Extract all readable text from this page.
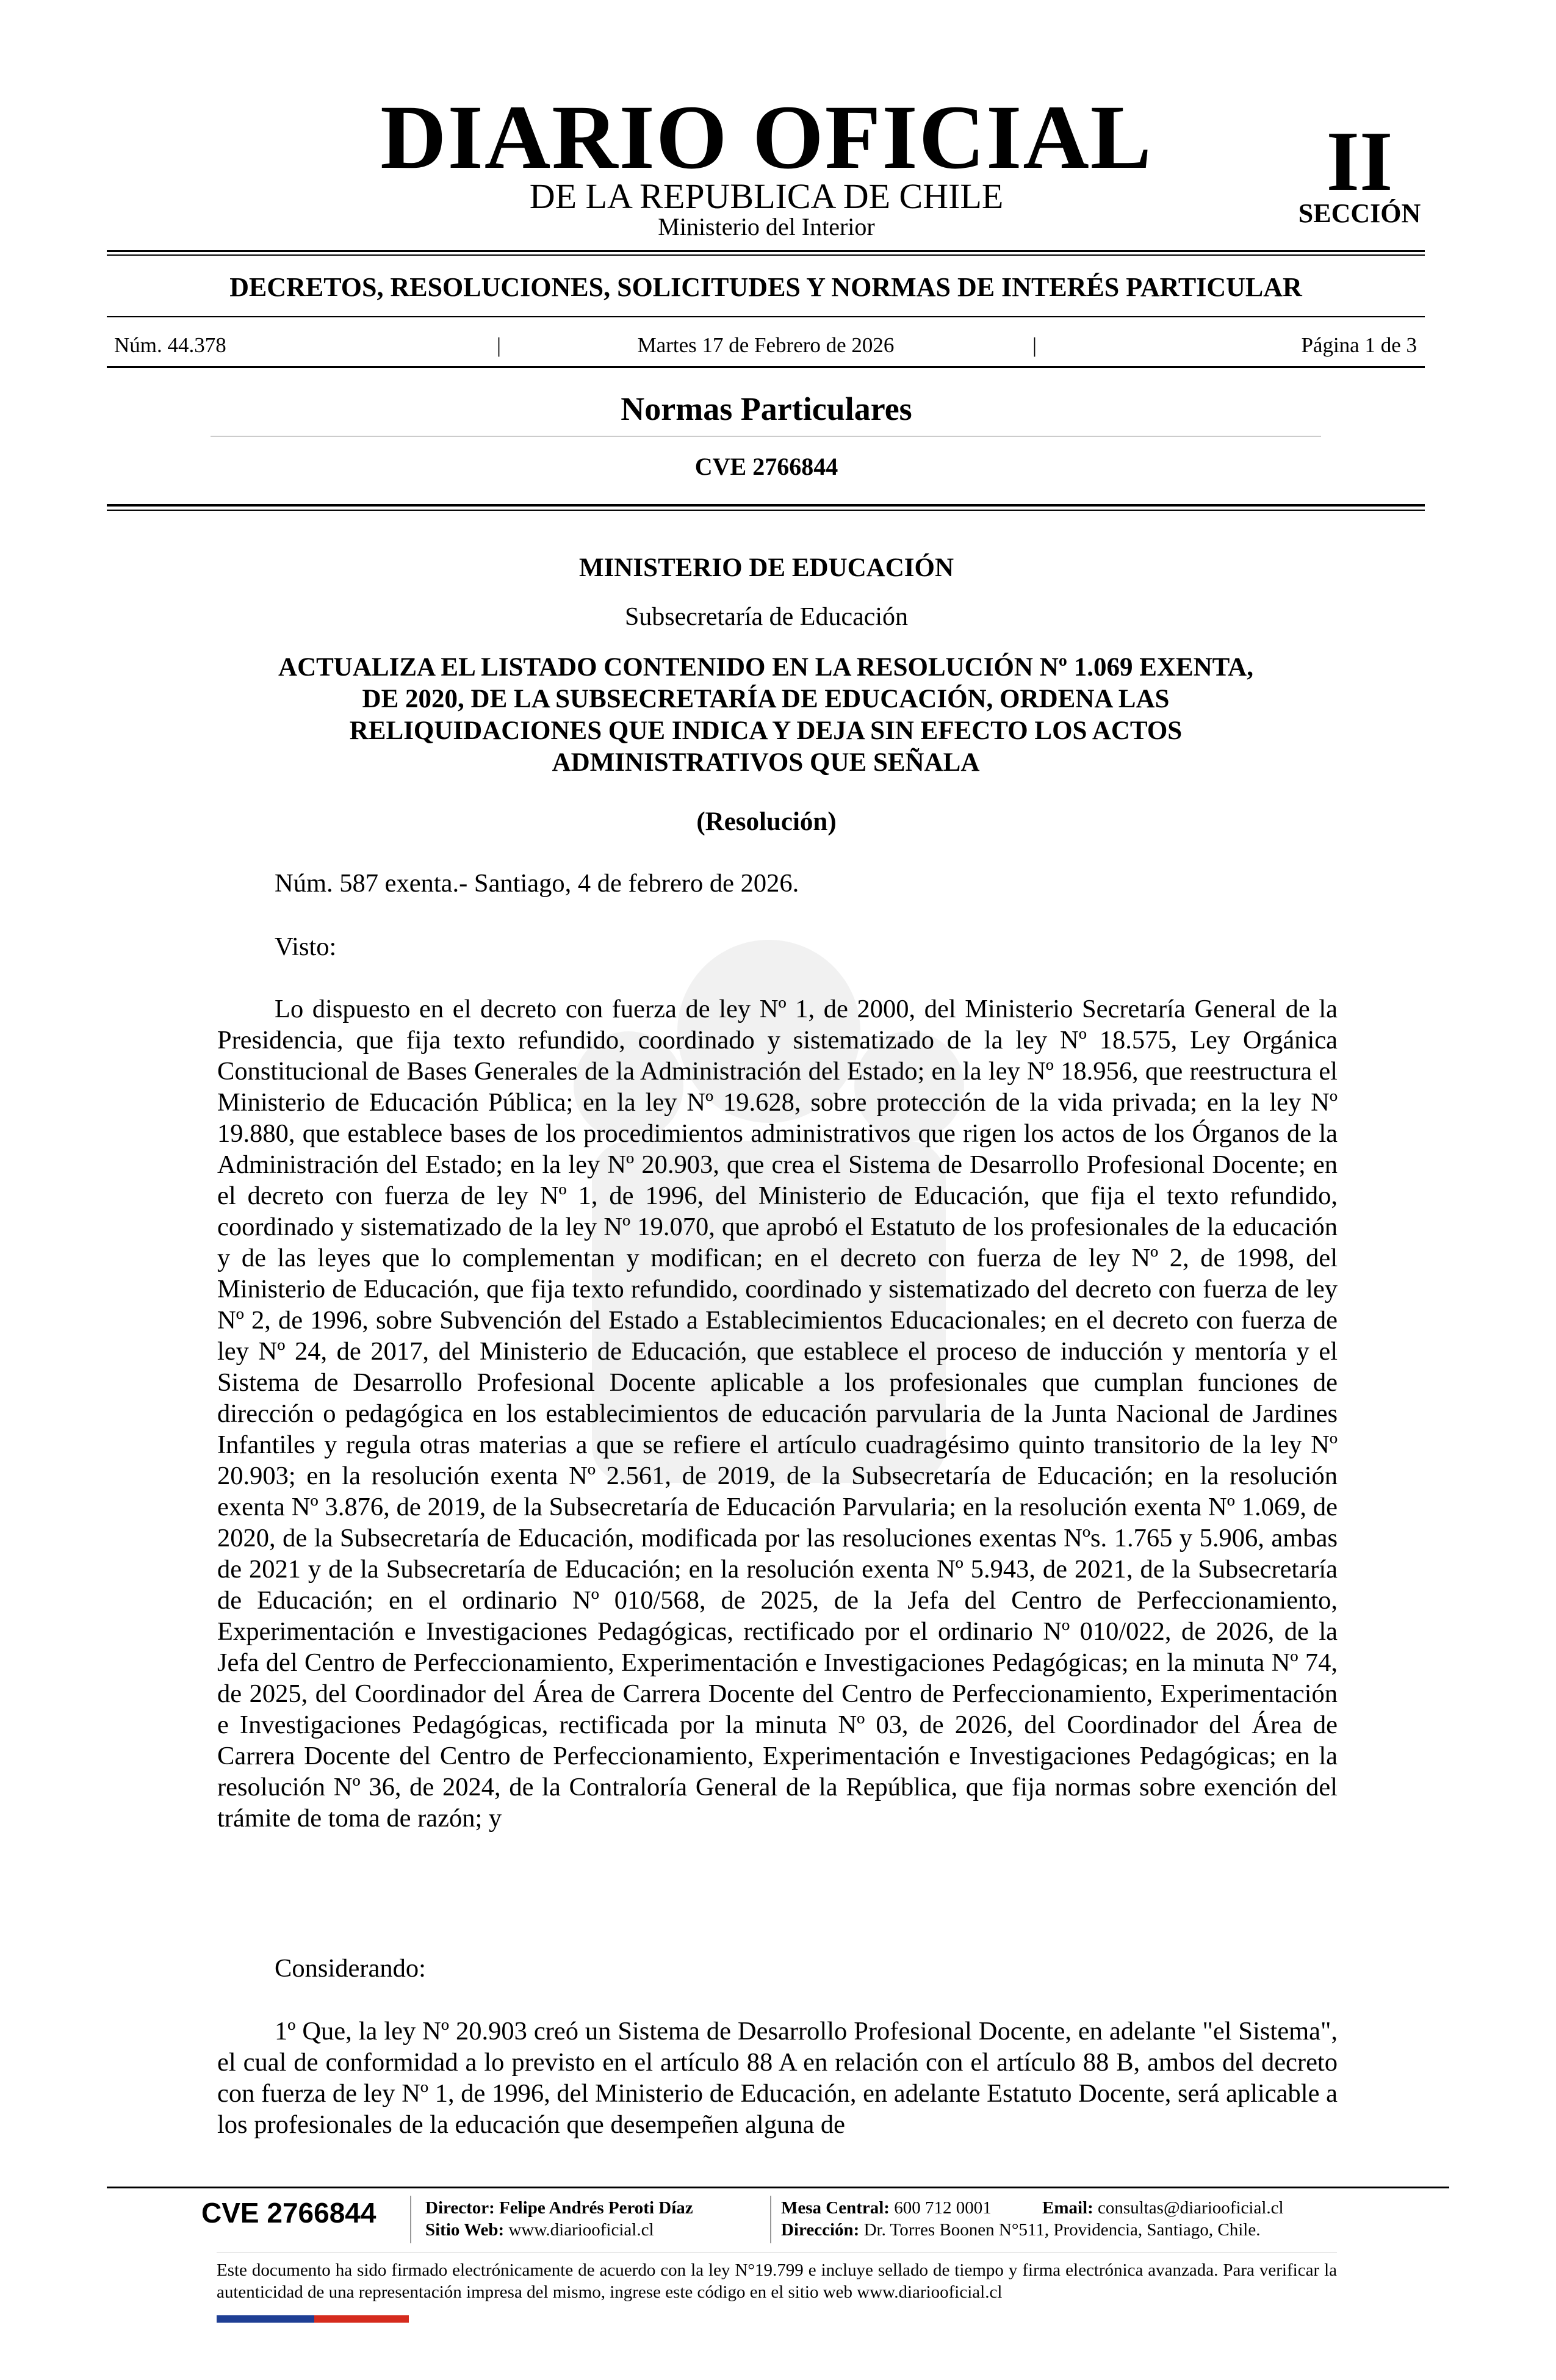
DIARIO OFICIAL
DE LA REPUBLICA DE CHILE
Ministerio del Interior
II
SECCIÓN
DECRETOS, RESOLUCIONES, SOLICITUDES Y NORMAS DE INTERÉS PARTICULAR
Núm. 44.378	|	Martes 17 de Febrero de 2026	|	Página 1 de 3
Normas Particulares
CVE 2766844
MINISTERIO DE EDUCACIÓN
Subsecretaría de Educación
ACTUALIZA EL LISTADO CONTENIDO EN LA RESOLUCIÓN Nº 1.069 EXENTA,
DE 2020, DE LA SUBSECRETARÍA DE EDUCACIÓN, ORDENA LAS
RELIQUIDACIONES QUE INDICA Y DEJA SIN EFECTO LOS ACTOS
ADMINISTRATIVOS QUE SEÑALA
(Resolución)
Núm. 587 exenta.- Santiago, 4 de febrero de 2026.
Visto:
Lo dispuesto en el decreto con fuerza de ley Nº 1, de 2000, del Ministerio Secretaría General de la Presidencia, que fija texto refundido, coordinado y sistematizado de la ley Nº 18.575, Ley Orgánica Constitucional de Bases Generales de la Administración del Estado; en la ley Nº 18.956, que reestructura el Ministerio de Educación Pública; en la ley Nº 19.628, sobre protección de la vida privada; en la ley Nº 19.880, que establece bases de los procedimientos administrativos que rigen los actos de los Órganos de la Administración del Estado; en la ley Nº 20.903, que crea el Sistema de Desarrollo Profesional Docente; en el decreto con fuerza de ley Nº 1, de 1996, del Ministerio de Educación, que fija el texto refundido, coordinado y sistematizado de la ley Nº 19.070, que aprobó el Estatuto de los profesionales de la educación y de las leyes que lo complementan y modifican; en el decreto con fuerza de ley Nº 2, de 1998, del Ministerio de Educación, que fija texto refundido, coordinado y sistematizado del decreto con fuerza de ley Nº 2, de 1996, sobre Subvención del Estado a Establecimientos Educacionales; en el decreto con fuerza de ley Nº 24, de 2017, del Ministerio de Educación, que establece el proceso de inducción y mentoría y el Sistema de Desarrollo Profesional Docente aplicable a los profesionales que cumplan funciones de dirección o pedagógica en los establecimientos de educación parvularia de la Junta Nacional de Jardines Infantiles y regula otras materias a que se refiere el artículo cuadragésimo quinto transitorio de la ley Nº 20.903; en la resolución exenta Nº 2.561, de 2019, de la Subsecretaría de Educación; en la resolución exenta Nº 3.876, de 2019, de la Subsecretaría de Educación Parvularia; en la resolución exenta Nº 1.069, de 2020, de la Subsecretaría de Educación, modificada por las resoluciones exentas Nºs. 1.765 y 5.906, ambas de 2021 y de la Subsecretaría de Educación; en la resolución exenta Nº 5.943, de 2021, de la Subsecretaría de Educación; en el ordinario Nº 010/568, de 2025, de la Jefa del Centro de Perfeccionamiento, Experimentación e Investigaciones Pedagógicas, rectificado por el ordinario Nº 010/022, de 2026, de la Jefa del Centro de Perfeccionamiento, Experimentación e Investigaciones Pedagógicas; en la minuta Nº 74, de 2025, del Coordinador del Área de Carrera Docente del Centro de Perfeccionamiento, Experimentación e Investigaciones Pedagógicas, rectificada por la minuta Nº 03, de 2026, del Coordinador del Área de Carrera Docente del Centro de Perfeccionamiento, Experimentación e Investigaciones Pedagógicas; en la resolución Nº 36, de 2024, de la Contraloría General de la República, que fija normas sobre exención del trámite de toma de razón; y
Considerando:
1º Que, la ley Nº 20.903 creó un Sistema de Desarrollo Profesional Docente, en adelante "el Sistema", el cual de conformidad a lo previsto en el artículo 88 A en relación con el artículo 88 B, ambos del decreto con fuerza de ley Nº 1, de 1996, del Ministerio de Educación, en adelante Estatuto Docente, será aplicable a los profesionales de la educación que desempeñen alguna de
CVE 2766844	Director: Felipe Andrés Peroti Díaz
Sitio Web: www.diariooficial.cl
Mesa Central: 600 712 0001	Email: consultas@diariooficial.cl
Dirección: Dr. Torres Boonen N°511, Providencia, Santiago, Chile.
Este documento ha sido firmado electrónicamente de acuerdo con la ley N°19.799 e incluye sellado de tiempo y firma electrónica avanzada. Para verificar la autenticidad de una representación impresa del mismo, ingrese este código en el sitio web www.diariooficial.cl
